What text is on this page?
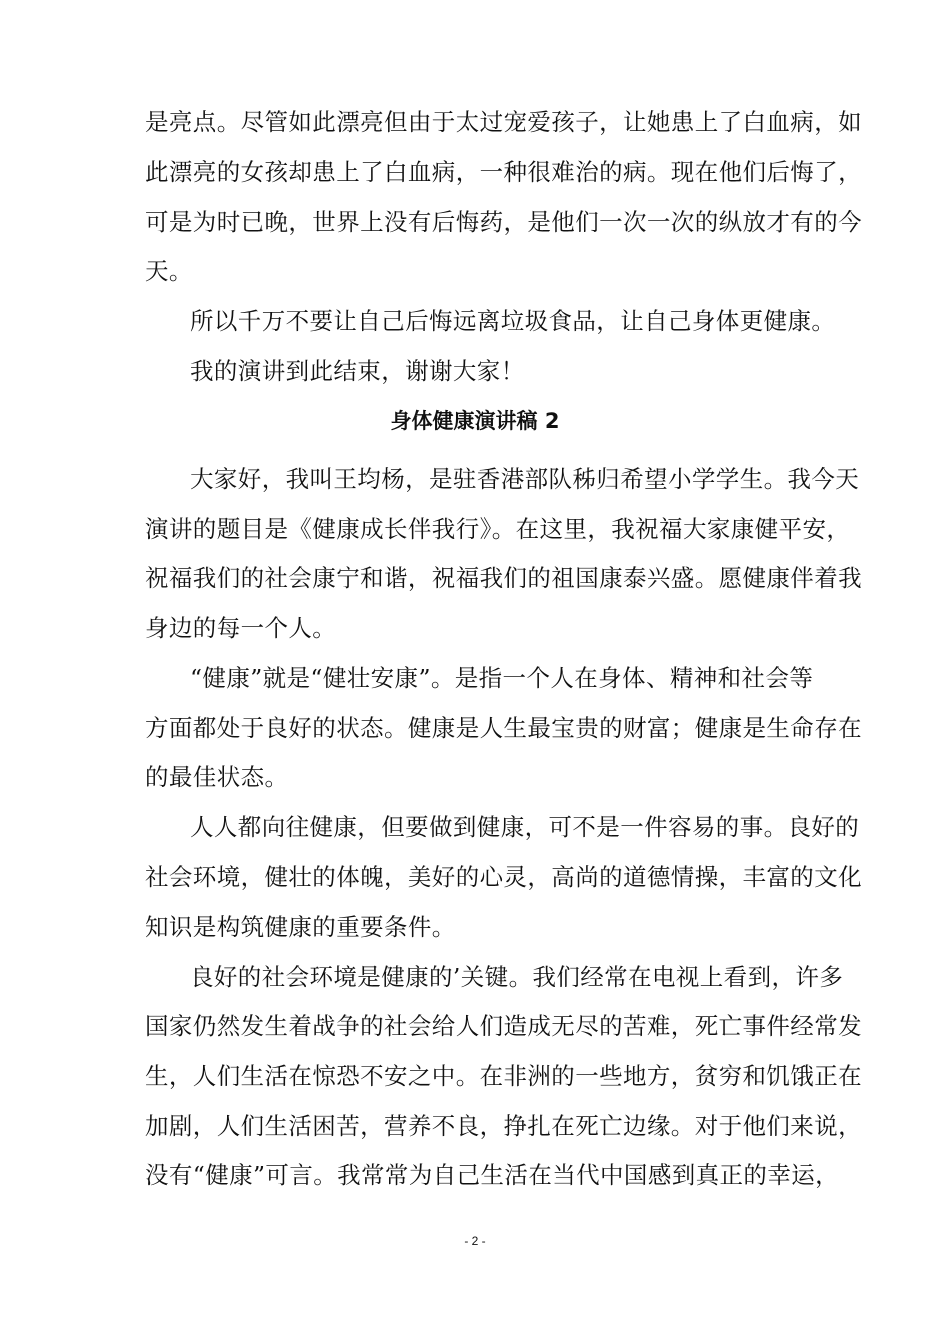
是亮点。尽管如此漂亮但由于太过宠爱孩子，让她患上了白血病，如
此漂亮的女孩却患上了白血病，一种很难治的病。现在他们后悔了，
可是为时已晚，世界上没有后悔药，是他们一次一次的纵放才有的今
天。
所以千万不要让自己后悔远离垃圾食品，让自己身体更健康。
我的演讲到此结束，谢谢大家！
身体健康演讲稿 2
大家好，我叫王均杨，是驻香港部队秭归希望小学学生。我今天
演讲的题目是《健康成长伴我行》。在这里，我祝福大家康健平安，
祝福我们的社会康宁和谐，祝福我们的祖国康泰兴盛。愿健康伴着我
身边的每一个人。
“健康”就是“健壮安康”。是指一个人在身体、精神和社会等
方面都处于良好的状态。健康是人生最宝贵的财富；健康是生命存在
的最佳状态。
人人都向往健康，但要做到健康，可不是一件容易的事。良好的
社会环境，健壮的体魄，美好的心灵，高尚的道德情操，丰富的文化
知识是构筑健康的重要条件。
良好的社会环境是健康的’关键。我们经常在电视上看到，许多
国家仍然发生着战争的社会给人们造成无尽的苦难，死亡事件经常发
生，人们生活在惊恐不安之中。在非洲的一些地方，贫穷和饥饿正在
加剧，人们生活困苦，营养不良，挣扎在死亡边缘。对于他们来说，
没有“健康”可言。我常常为自己生活在当代中国感到真正的幸运，
- 2 -
